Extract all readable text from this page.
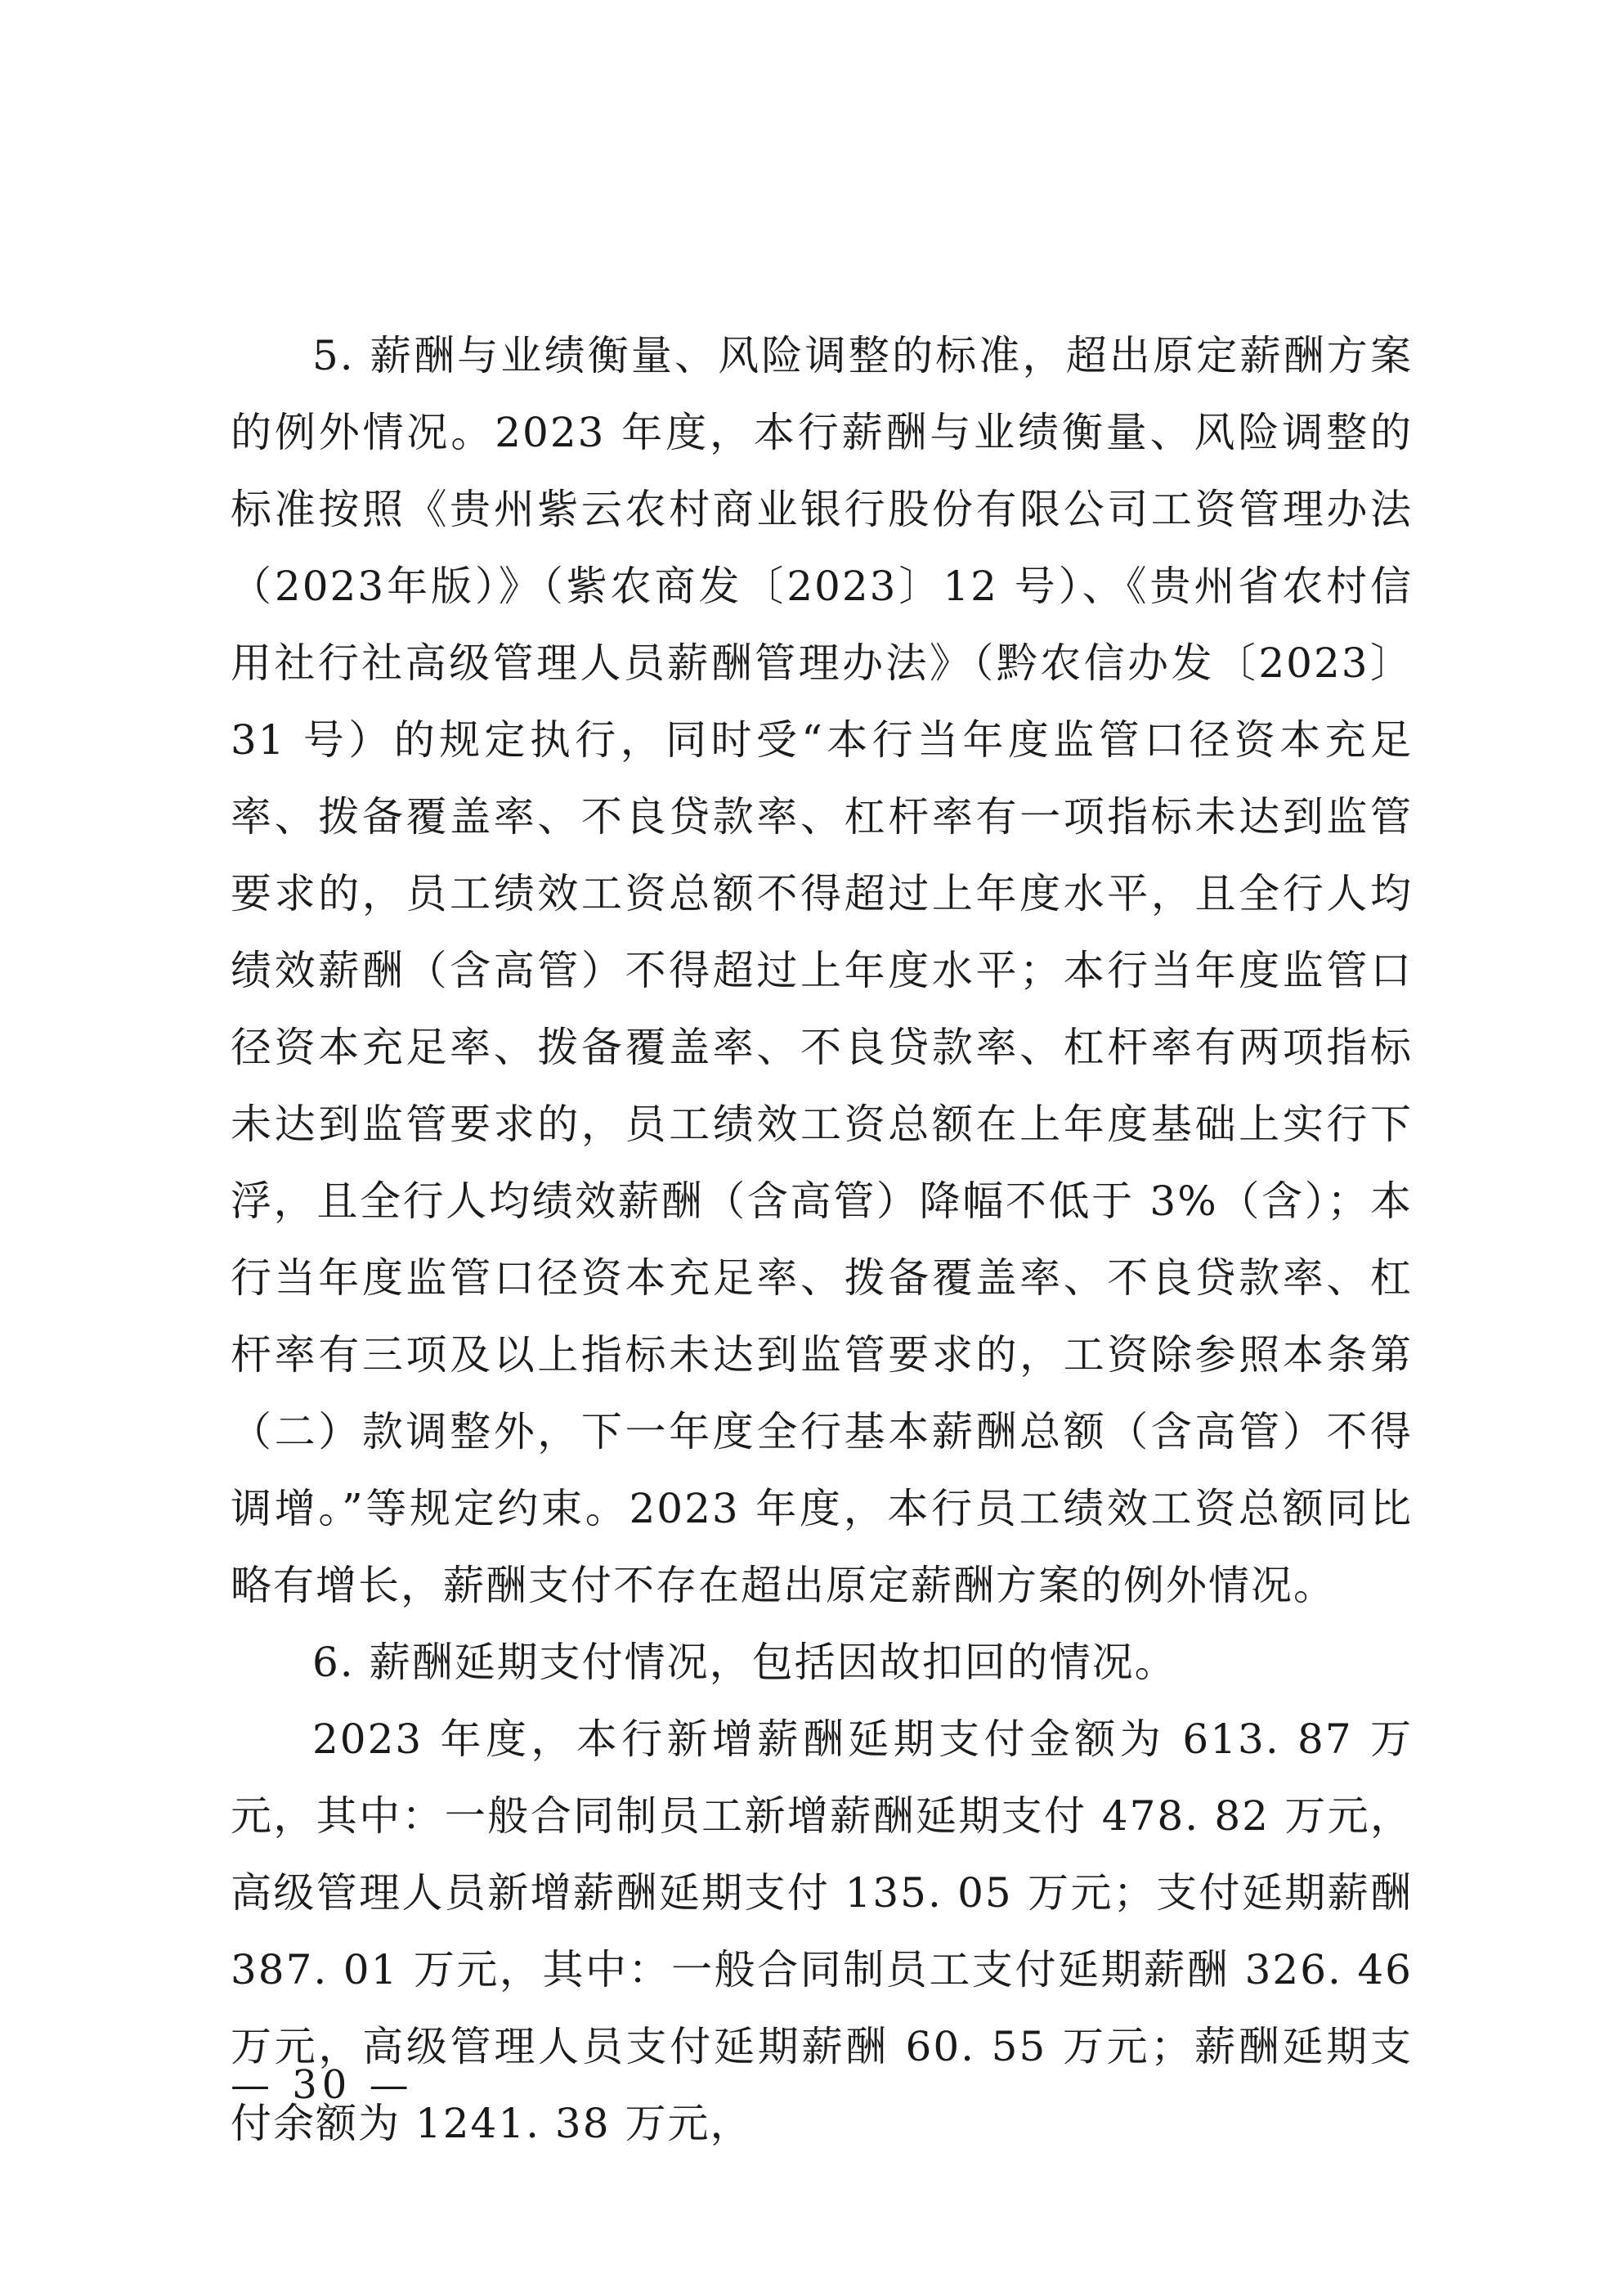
5. 薪酬与业绩衡量、风险调整的标准，超出原定薪酬方案的例外情况。2023 年度，本行薪酬与业绩衡量、风险调整的标准按照《贵州紫云农村商业银行股份有限公司工资管理办法（2023年版）》（紫农商发〔2023〕12 号）、《贵州省农村信用社行社高级管理人员薪酬管理办法》（黔农信办发〔2023〕31 号）的规定执行，同时受“本行当年度监管口径资本充足率、拨备覆盖率、不良贷款率、杠杆率有一项指标未达到监管要求的，员工绩效工资总额不得超过上年度水平，且全行人均绩效薪酬（含高管）不得超过上年度水平；本行当年度监管口径资本充足率、拨备覆盖率、不良贷款率、杠杆率有两项指标未达到监管要求的，员工绩效工资总额在上年度基础上实行下浮，且全行人均绩效薪酬（含高管）降幅不低于 3%（含）；本行当年度监管口径资本充足率、拨备覆盖率、不良贷款率、杠杆率有三项及以上指标未达到监管要求的，工资除参照本条第（二）款调整外，下一年度全行基本薪酬总额（含高管）不得调增。”等规定约束。2023 年度，本行员工绩效工资总额同比略有增长，薪酬支付不存在超出原定薪酬方案的例外情况。

6. 薪酬延期支付情况，包括因故扣回的情况。

2023 年度，本行新增薪酬延期支付金额为 613. 87 万元，其中：一般合同制员工新增薪酬延期支付 478. 82 万元，高级管理人员新增薪酬延期支付 135. 05 万元；支付延期薪酬 387. 01 万元，其中：一般合同制员工支付延期薪酬 326. 46 万元，高级管理人员支付延期薪酬 60. 55 万元；薪酬延期支付余额为 1241. 38 万元，

— 30 —
